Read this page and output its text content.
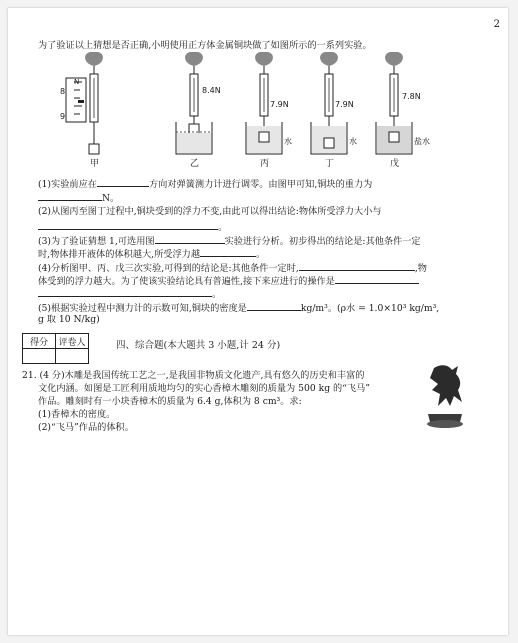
2
为了验证以上猜想是否正确,小明使用正方体金属铜块做了如图所示的一系列实验。
8
N
9
甲
8.4N
乙
7.9N
水
丙
7.9N
水
丁
7.8N
盐水
戊
(1)实验前应在	方向对弹簧测力计进行调零。由图甲可知,铜块的重力为
N。
(2)从图丙至图丁过程中,铜块受到的浮力不变,由此可以得出结论:物体所受浮力大小与
。
(3)为了验证猜想 1,可选用图	实验进行分析。初步得出的结论是:其他条件一定
时,物体排开液体的体积越大,所受浮力越	。
(4)分析图甲、丙、戊三次实验,可得到的结论是:其他条件一定时,	,物
体受到的浮力越大。为了使该实验结论具有普遍性,接下来应进行的操作是
。
(5)根据实验过程中测力计的示数可知,铜块的密度是	kg/m³。(ρ水 = 1.0×10³ kg/m³,
g 取 10 N/kg)
得分	评卷人
		四、综合题(本大题共 3 小题,计 24 分)
21. (4 分)木雕是我国传统工艺之一,是我国非物质文化遗产,具有悠久的历史和丰富的
文化内涵。如图是工匠利用质地均匀的实心香樟木雕刻的质量为 500 kg 的“飞马”
作品。雕刻时有一小块香樟木的质量为 6.4 g,体积为 8 cm³。求:
(1)香樟木的密度。
(2)“飞马”作品的体积。
